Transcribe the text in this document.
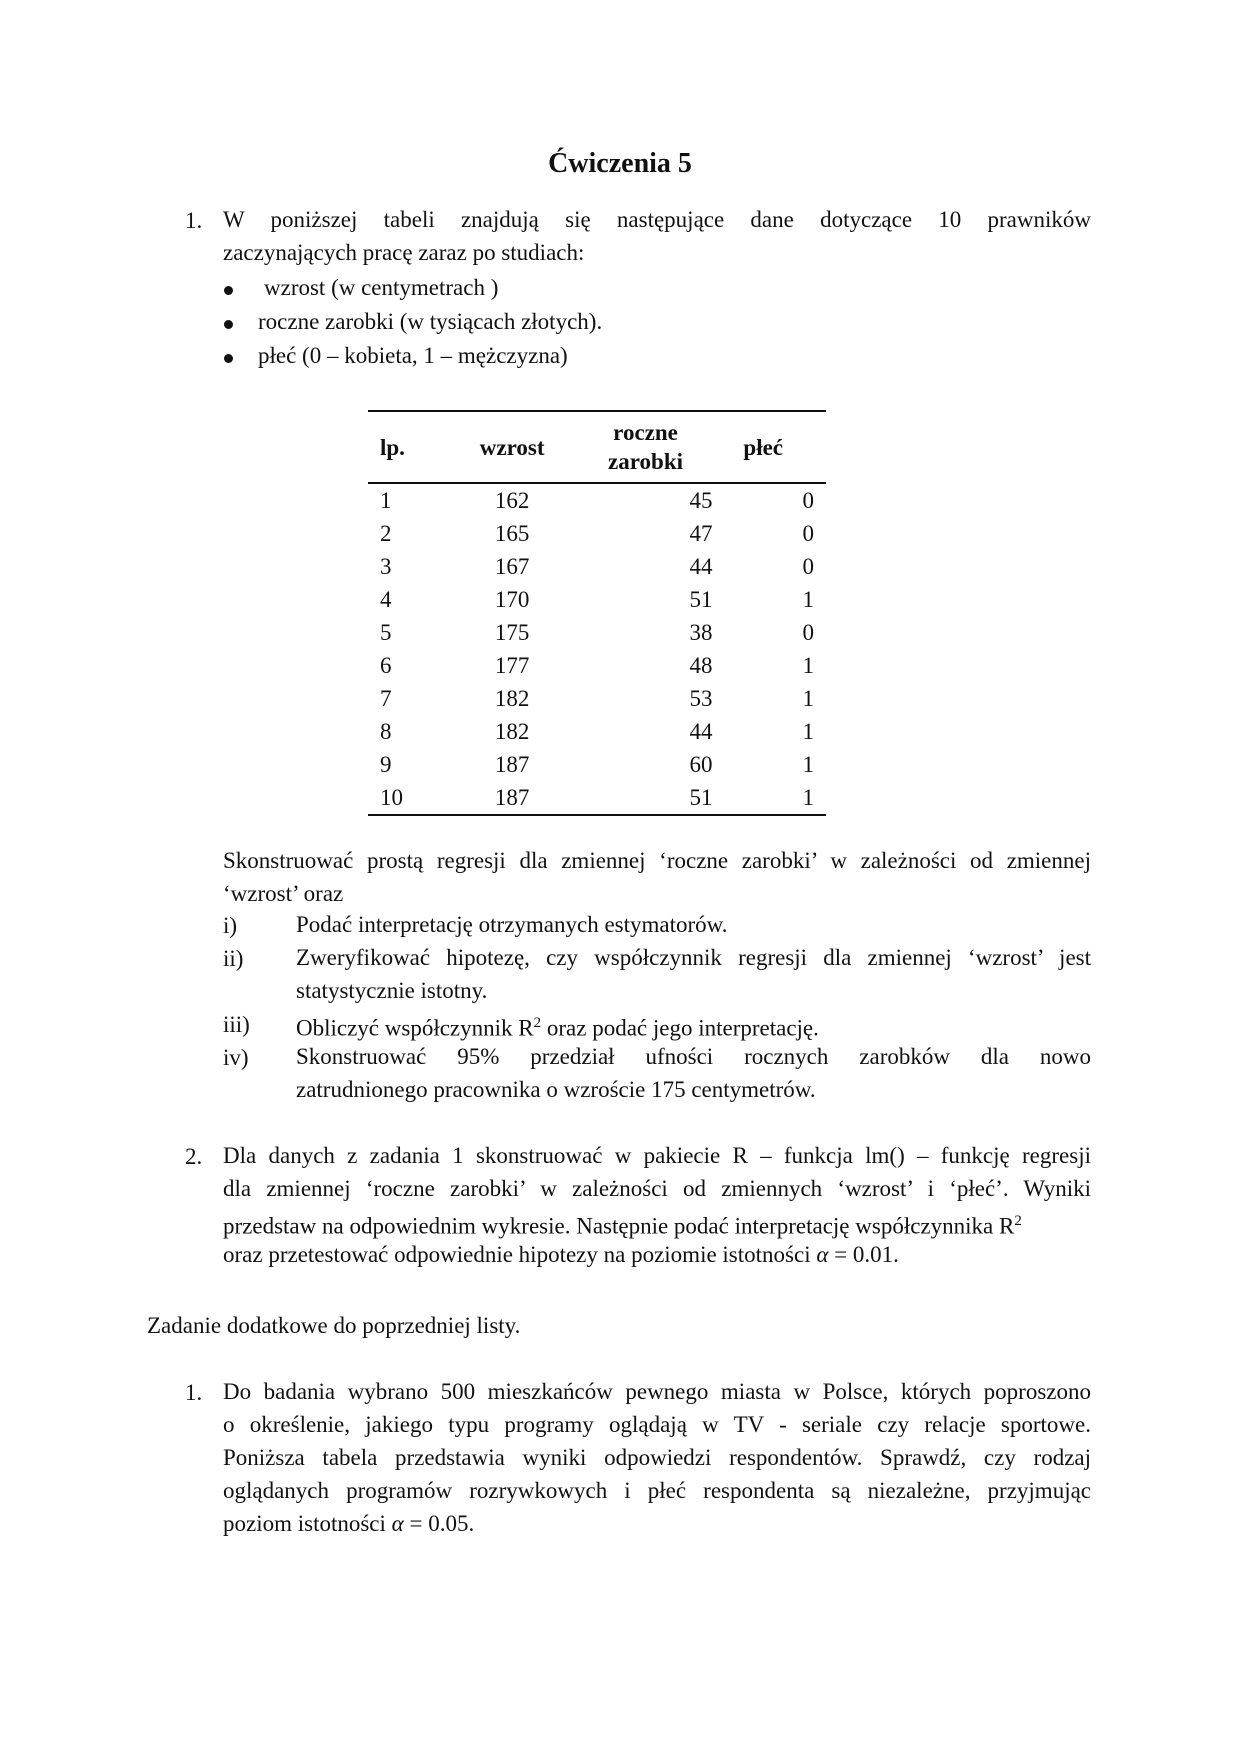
Ćwiczenia 5
1. W poniższej tabeli znajdują się następujące dane dotyczące 10 prawników
zaczynających pracę zaraz po studiach:
wzrost (w centymetrach )
roczne zarobki (w tysiącach złotych).
płeć (0 – kobieta, 1 – mężczyzna)
lp.	wzrost	roczne
zarobki	płeć
1	162	45	0
2	165	47	0
3	167	44	0
4	170	51	1
5	175	38	0
6	177	48	1
7	182	53	1
8	182	44	1
9	187	60	1
10	187	51	1
Skonstruować prostą regresji dla zmiennej ‘roczne zarobki’ w zależności od zmiennej
‘wzrost’ oraz
i)	Podać interpretację otrzymanych estymatorów.
ii) Zweryfikować hipotezę, czy współczynnik regresji dla zmiennej ‘wzrost’ jest
statystycznie istotny.
iii) Obliczyć współczynnik $R^2$ oraz podać jego interpretację.
iv) Skonstruować 95% przedział ufności rocznych zarobków dla nowo
zatrudnionego pracownika o wzroście 175 centymetrów.
2. Dla danych z zadania 1 skonstruować w pakiecie R – funkcja lm() – funkcję regresji
dla zmiennej ‘roczne zarobki’ w zależności od zmiennych ‘wzrost’ i ‘płeć’. Wyniki
przedstaw na odpowiednim wykresie. Następnie podać interpretację współczynnika $R^2$
oraz przetestować odpowiednie hipotezy na poziomie istotności α = 0.01.
Zadanie dodatkowe do poprzedniej listy.
1. Do badania wybrano 500 mieszkańców pewnego miasta w Polsce, których poproszono
o określenie, jakiego typu programy oglądają w TV - seriale czy relacje sportowe.
Poniższa tabela przedstawia wyniki odpowiedzi respondentów. Sprawdź, czy rodzaj
oglądanych programów rozrywkowych i płeć respondenta są niezależne, przyjmując
poziom istotności α = 0.05.
